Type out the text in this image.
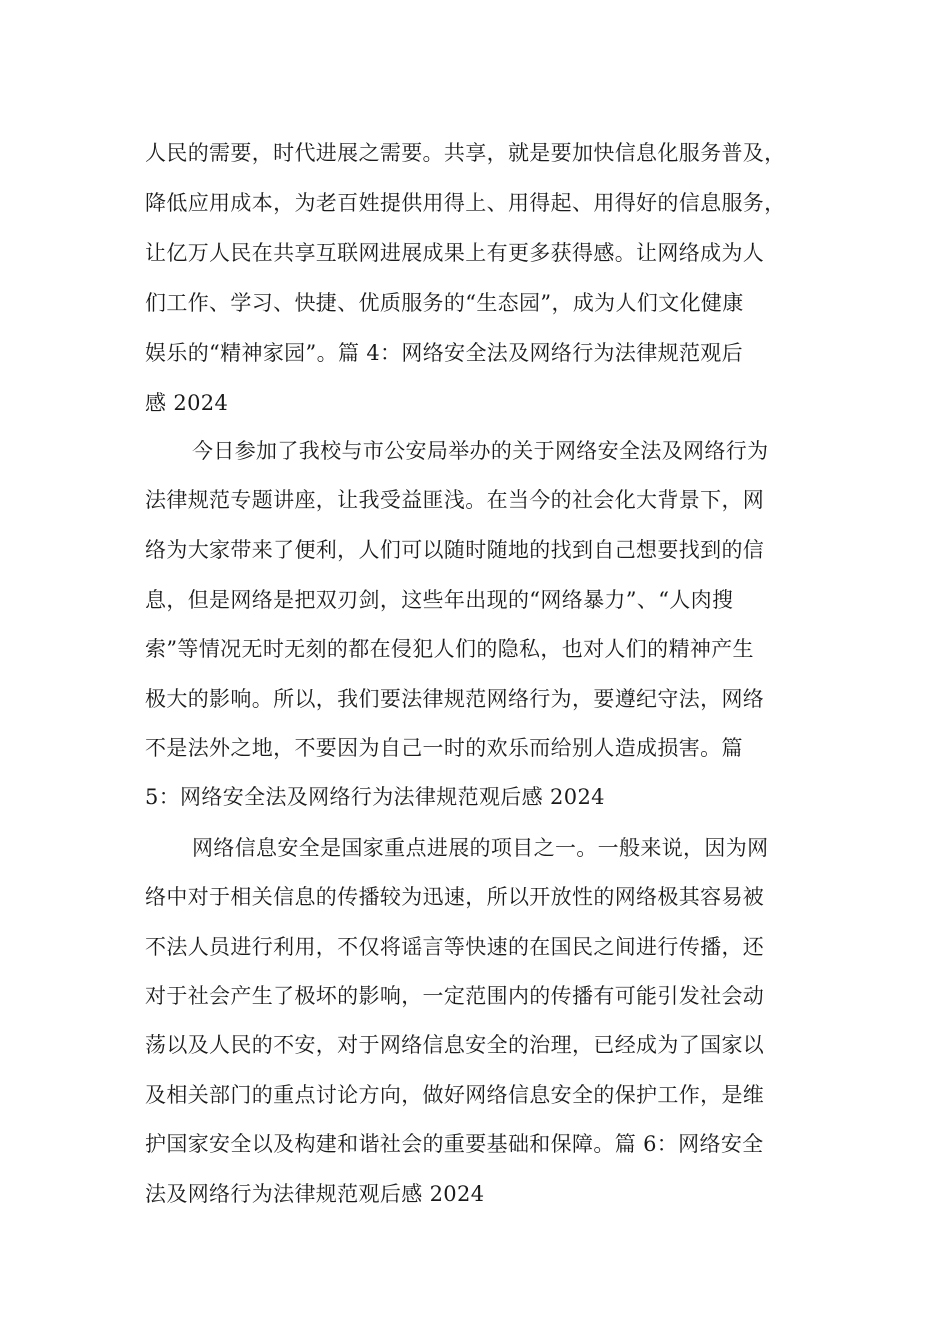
人民的需要，时代进展之需要。共享，就是要加快信息化服务普及，
降低应用成本，为老百姓提供用得上、用得起、用得好的信息服务，
让亿万人民在共享互联网进展成果上有更多获得感。让网络成为人
们工作、学习、快捷、优质服务的“生态园”，成为人们文化健康
娱乐的“精神家园”。篇 4：网络安全法及网络行为法律规范观后
感 2024
今日参加了我校与市公安局举办的关于网络安全法及网络行为
法律规范专题讲座，让我受益匪浅。在当今的社会化大背景下，网
络为大家带来了便利，人们可以随时随地的找到自己想要找到的信
息，但是网络是把双刃剑，这些年出现的“网络暴力”、“人肉搜
索”等情况无时无刻的都在侵犯人们的隐私，也对人们的精神产生
极大的影响。所以，我们要法律规范网络行为，要遵纪守法，网络
不是法外之地，不要因为自己一时的欢乐而给别人造成损害。篇
5：网络安全法及网络行为法律规范观后感 2024
网络信息安全是国家重点进展的项目之一。一般来说，因为网
络中对于相关信息的传播较为迅速，所以开放性的网络极其容易被
不法人员进行利用，不仅将谣言等快速的在国民之间进行传播，还
对于社会产生了极坏的影响，一定范围内的传播有可能引发社会动
荡以及人民的不安，对于网络信息安全的治理，已经成为了国家以
及相关部门的重点讨论方向，做好网络信息安全的保护工作，是维
护国家安全以及构建和谐社会的重要基础和保障。篇 6：网络安全
法及网络行为法律规范观后感 2024
